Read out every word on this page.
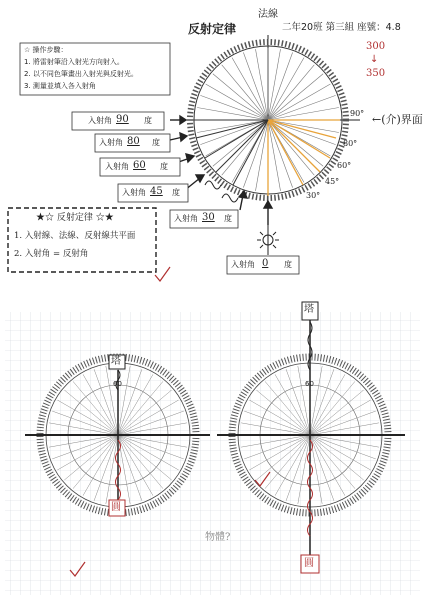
反射定律
法線
二年20班 第三組 座號：4.8
300
↓
350
☆ 操作步驟：
1. 將雷射筆沿入射光方向射入。
2. 以不同色筆畫出入射光與反射光。
3. 測量並填入各入射角
入射角 90 度
入射角 80 度
入射角 60 度
入射角 45 度
入射角 30 度
入射角 0 度
←(介)界面
90°
80°
60°
45°
30°
★☆ 反射定律 ☆★
1. 入射線、法線、反射線共平面
2. 入射角 = 反射角
塔
圓
塔
圓
60	60
物體?
